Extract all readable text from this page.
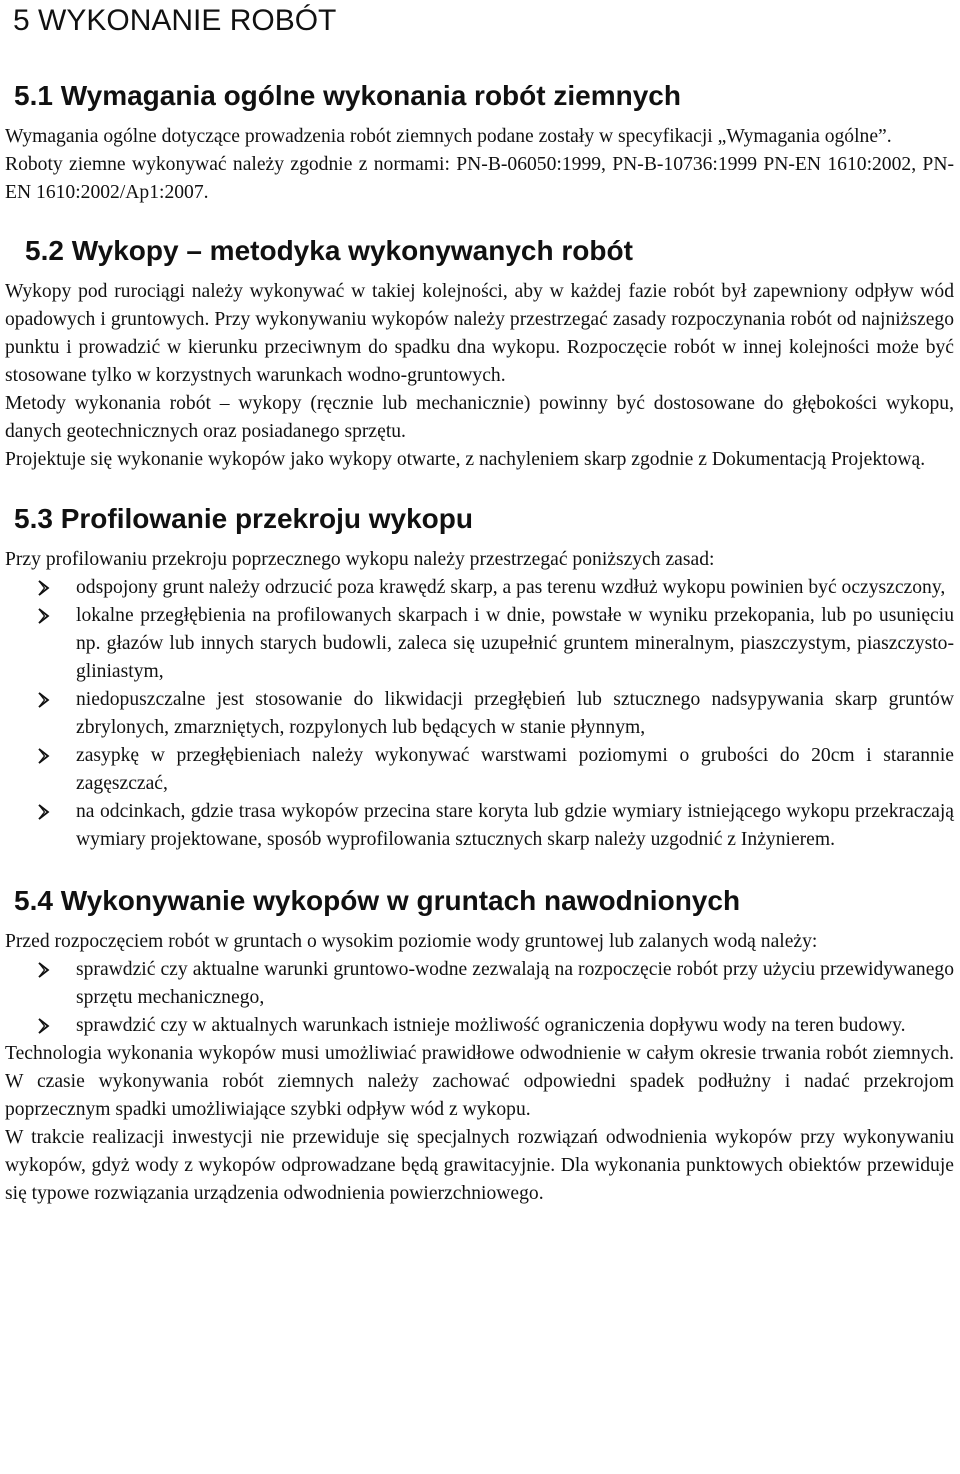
5 WYKONANIE ROBÓT
5.1 Wymagania ogólne wykonania robót ziemnych

Wymagania ogólne dotyczące prowadzenia robót ziemnych podane zostały w specyfikacji „Wymagania ogólne”.

Roboty ziemne wykonywać należy zgodnie z normami: PN-B-06050:1999, PN-B-10736:1999 PN-EN 1610:2002, PN-EN 1610:2002/Ap1:2007.

5.2 Wykopy – metodyka wykonywanych robót

Wykopy pod rurociągi należy wykonywać w takiej kolejności, aby w każdej fazie robót był zapewniony odpływ wód opadowych i gruntowych. Przy wykonywaniu wykopów należy przestrzegać zasady rozpoczynania robót od najniższego punktu i prowadzić w kierunku przeciwnym do spadku dna wykopu. Rozpoczęcie robót w innej kolejności może być stosowane tylko w korzystnych warunkach wodno-gruntowych.

Metody wykonania robót – wykopy (ręcznie lub mechanicznie) powinny być dostosowane do głębokości wykopu, danych geotechnicznych oraz posiadanego sprzętu.

Projektuje się wykonanie wykopów jako wykopy otwarte, z nachyleniem skarp zgodnie z Dokumentacją Projektową.

5.3 Profilowanie przekroju wykopu

Przy profilowaniu przekroju poprzecznego wykopu należy przestrzegać poniższych zasad:

odspojony grunt należy odrzucić poza krawędź skarp, a pas terenu wzdłuż wykopu powinien być oczyszczony,
lokalne przegłębienia na profilowanych skarpach i w dnie, powstałe w wyniku przekopania, lub po usunięciu np. głazów lub innych starych budowli, zaleca się uzupełnić gruntem mineralnym, piaszczystym, piaszczysto-gliniastym,
niedopuszczalne jest stosowanie do likwidacji przegłębień lub sztucznego nadsypywania skarp gruntów zbrylonych, zmarzniętych, rozpylonych lub będących w stanie płynnym,
zasypkę w przegłębieniach należy wykonywać warstwami poziomymi o grubości do 20cm i starannie zagęszczać,
na odcinkach, gdzie trasa wykopów przecina stare koryta lub gdzie wymiary istniejącego wykopu przekraczają wymiary projektowane, sposób wyprofilowania sztucznych skarp należy uzgodnić z Inżynierem.
5.4 Wykonywanie wykopów w gruntach nawodnionych

Przed rozpoczęciem robót w gruntach o wysokim poziomie wody gruntowej lub zalanych wodą należy:

sprawdzić czy aktualne warunki gruntowo-wodne zezwalają na rozpoczęcie robót przy użyciu przewidywanego sprzętu mechanicznego,
sprawdzić czy w aktualnych warunkach istnieje możliwość ograniczenia dopływu wody na teren budowy.

Technologia wykonania wykopów musi umożliwiać prawidłowe odwodnienie w całym okresie trwania robót ziemnych. W czasie wykonywania robót ziemnych należy zachować odpowiedni spadek podłużny i nadać przekrojom poprzecznym spadki umożliwiające szybki odpływ wód z wykopu.

W trakcie realizacji inwestycji nie przewiduje się specjalnych rozwiązań odwodnienia wykopów przy wykonywaniu wykopów, gdyż wody z wykopów odprowadzane będą grawitacyjnie. Dla wykonania punktowych obiektów przewiduje się typowe rozwiązania urządzenia odwodnienia powierzchniowego.
